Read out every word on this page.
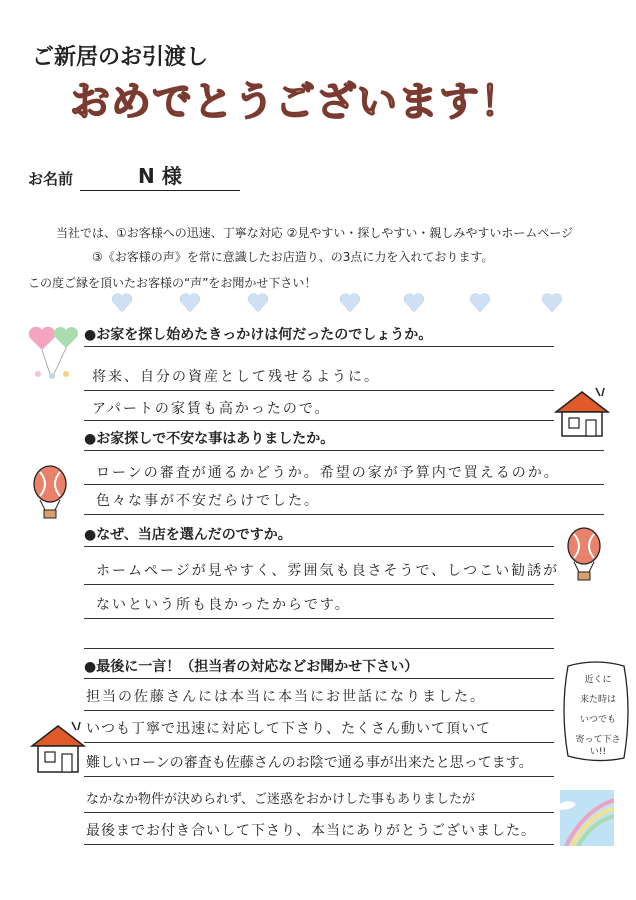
ご新居のお引渡し
おめでとうございます！
お名前	N 様
当社では、①お客様への迅速、丁寧な対応 ②見やすい・探しやすい・親しみやすいホームページ
③《お客様の声》を常に意識したお店造り、の3点に力を入れております。
この度ご縁を頂いたお客様の“声”をお聞かせ下さい！
近くに
来た時は
いつでも
寄って下さい!!
●お家を探し始めたきっかけは何だったのでしょうか。
将来、自分の資産として残せるように。
アパートの家賃も高かったので。
●お家探しで不安な事はありましたか。
ローンの審査が通るかどうか。希望の家が予算内で買えるのか。
色々な事が不安だらけでした。
●なぜ、当店を選んだのですか。
ホームページが見やすく、雰囲気も良さそうで、しつこい勧誘が
ないという所も良かったからです。
●最後に一言！（担当者の対応などお聞かせ下さい）
担当の佐藤さんには本当に本当にお世話になりました。
いつも丁寧で迅速に対応して下さり、たくさん動いて頂いて
難しいローンの審査も佐藤さんのお陰で通る事が出来たと思ってます。
なかなか物件が決められず、ご迷惑をおかけした事もありましたが
最後までお付き合いして下さり、本当にありがとうございました。
